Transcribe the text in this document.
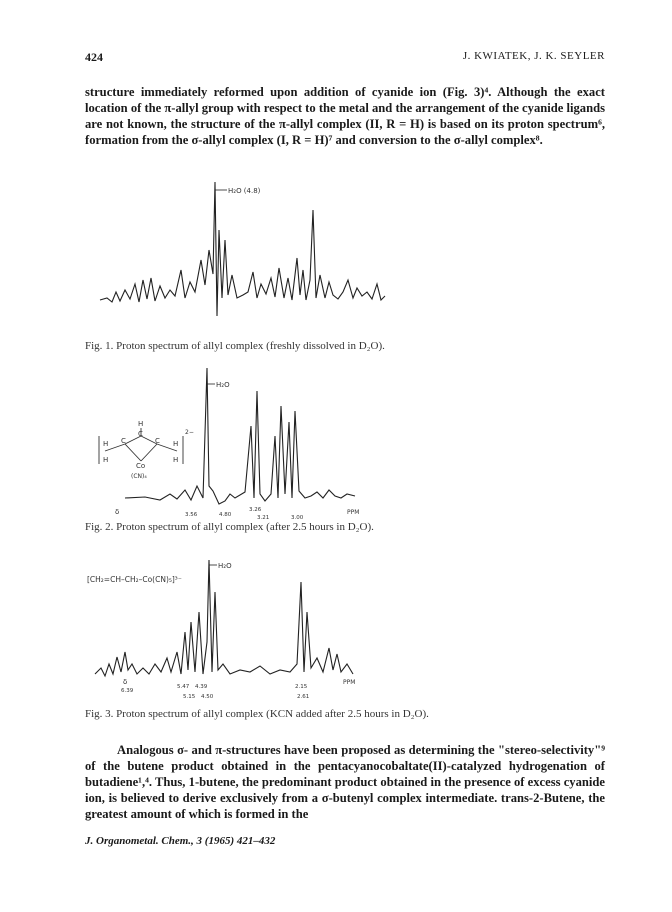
424	J. KWIATEK, J. K. SEYLER

structure immediately reformed upon addition of cyanide ion (Fig. 3)⁴. Although the exact location of the π-allyl group with respect to the metal and the arrangement of the cyanide ligands are not known, the structure of the π-allyl complex (II, R = H) is based on its proton spectrum⁶, formation from the σ-allyl complex (I, R = H)⁷ and conversion to the σ-allyl complex⁸.

H₂O (4.8)
Fig. 1. Proton spectrum of allyl complex (freshly dissolved in D₂O).
H
H
H
H
H
C
C
C
Co
(CN)₄
2−
H₂O
δ	3.56	4.80
3.26
3.21	3.00
PPM
Fig. 2. Proton spectrum of allyl complex (after 2.5 hours in D₂O).
[CH₂=CH–CH₂–Co(CN)₅]³⁻
H₂O
δ
6.39
5.47 4.39
5.15 4.50
2.15
2.61
PPM
Fig. 3. Proton spectrum of allyl complex (KCN added after 2.5 hours in D₂O).

Analogous σ- and π-structures have been proposed as determining the "stereo-selectivity"⁹ of the butene product obtained in the pentacyanocobaltate(II)-catalyzed hydrogenation of butadiene¹,⁴. Thus, 1-butene, the predominant product obtained in the presence of excess cyanide ion, is believed to derive exclusively from a σ-butenyl complex intermediate. trans-2-Butene, the greatest amount of which is formed in the

J. Organometal. Chem., 3 (1965) 421–432
